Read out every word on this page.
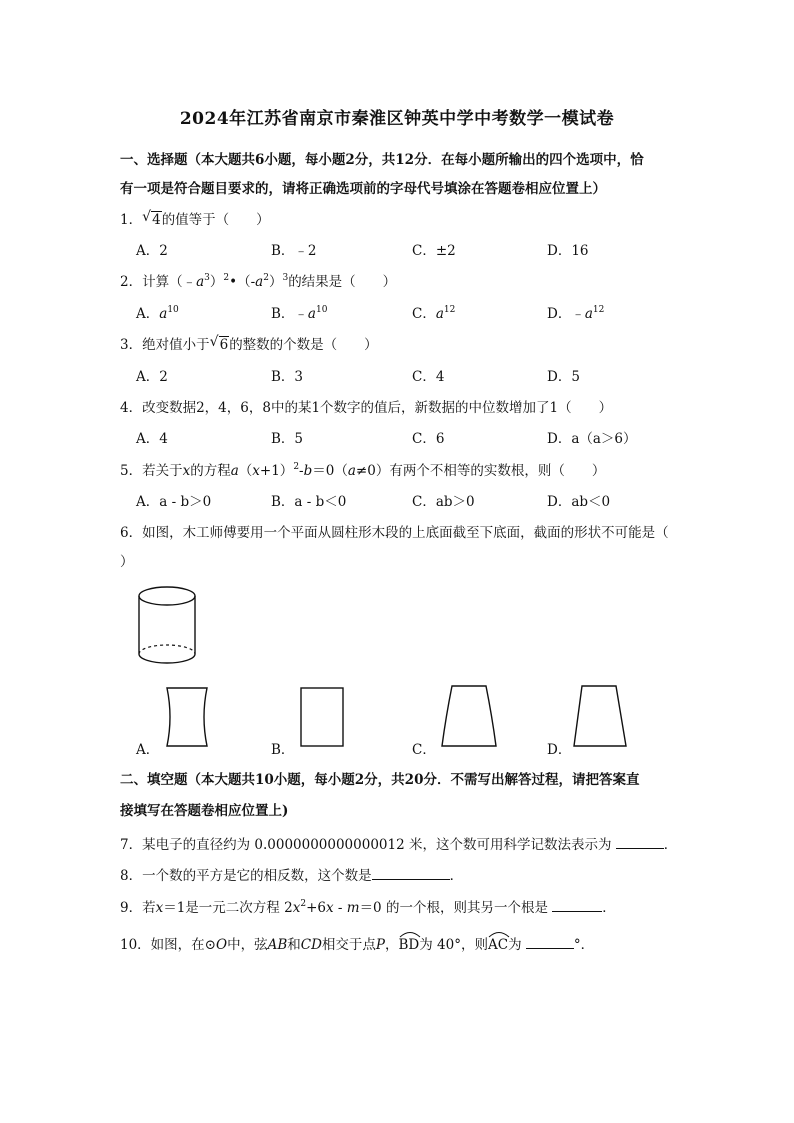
2024年江苏省南京市秦淮区钟英中学中考数学一模试卷
一、选择题（本大题共6小题，每小题2分，共12分．在每小题所输出的四个选项中，恰
有一项是符合题目要求的，请将正确选项前的字母代号填涂在答题卷相应位置上）
1． √ 4的值等于（　　）
A．2	B．﹣2	C．±2	D．16
2．计算$(﹣a^3)^2•(-a^2)^3$的结果是（　　）
A．$a^{10}$	B．$﹣a^{10}$	C．$a^{12}$	D．$﹣a^{12}$
3．绝对值小于 √ 6的整数的个数是（　　）
A．2	B．3	C．4	D．5
4．改变数据2，4，6，8中的某1个数字的值后，新数据的中位数增加了1（　　）
A．4	B．5	C．6	D．a（a＞6）
5．若关于x的方程$a(x+1)^2-b=0(a\ne 0)$有两个不相等的实数根，则（　　）
A．a - b＞0	B．a - b＜0	C．ab＞0	D．ab＜0
6．如图，木工师傅要用一个平面从圆柱形木段的上底面截至下底面，截面的形状不可能是（
）
A．	B．	C．	D．
二、填空题（本大题共10小题，每小题2分，共20分．不需写出解答过程，请把答案直
接填写在答题卷相应位置上)
7．某电子的直径约为 0.0000000000000012 米，这个数可用科学记数法表示为	．
8．一个数的平方是它的相反数，这个数是	．
9．若x＝1是一元二次方程 $2x^2+6x - m=0$ 的一个根，则其另一个根是	．
10．如图，在⊙O中，弦AB和CD相交于点P，
BD为 40°，则
AC为	°．
